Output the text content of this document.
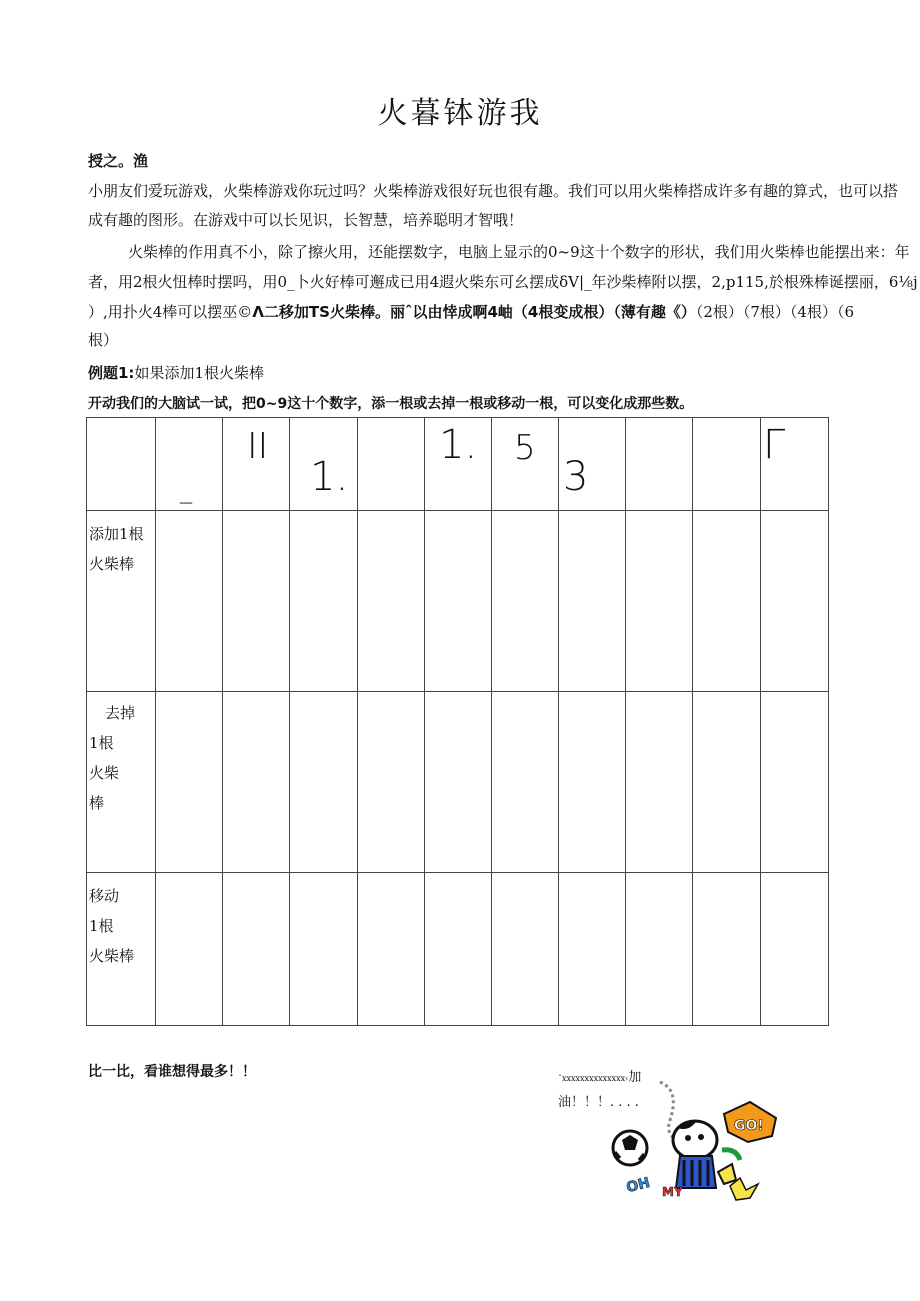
火暮钵游我
授之。渔
小朋友们爱玩游戏，火柴棒游戏你玩过吗？火柴棒游戏很好玩也很有趣。我们可以用火柴棒搭成许多有趣的算式，也可以搭
成有趣的图形。在游戏中可以长见识，长智慧，培养聪明才智哦！
火柴棒的作用真不小，除了擦火用，还能摆数字，电脑上显示的0~9这十个数字的形状，我们用火柴棒也能摆出来：年
者，用2根火忸棒时摆吗，用0_卜火好棒可邂成已用4遐火柴东可幺摆成δV|_年沙柴棒附以摆，2,p115,於根殊棒诞摆丽，6⅛j
）,用扑火4棒可以摆巫©Λ二移加TS火柴棒。丽ˆ以由悻成啊4岫（4根变成根）（薄有趣《）（2根）（7根）（4根）（6
根）
例题1:如果添加1根火柴棒
开动我们的大脑试一试，把0~9这十个数字，添一根或去掉一根或移动一根，可以变化成那些数。

	_	II	1.		1.	5	3			Γ

添加1根
火柴棒										

去掉
1根
火柴
棒										

移动
1根
火柴棒										

比一比，看谁想得最多！！	ˆxxxxxxxxxxxxxx‹加
油！！！. . . .
GO!
OH MY
